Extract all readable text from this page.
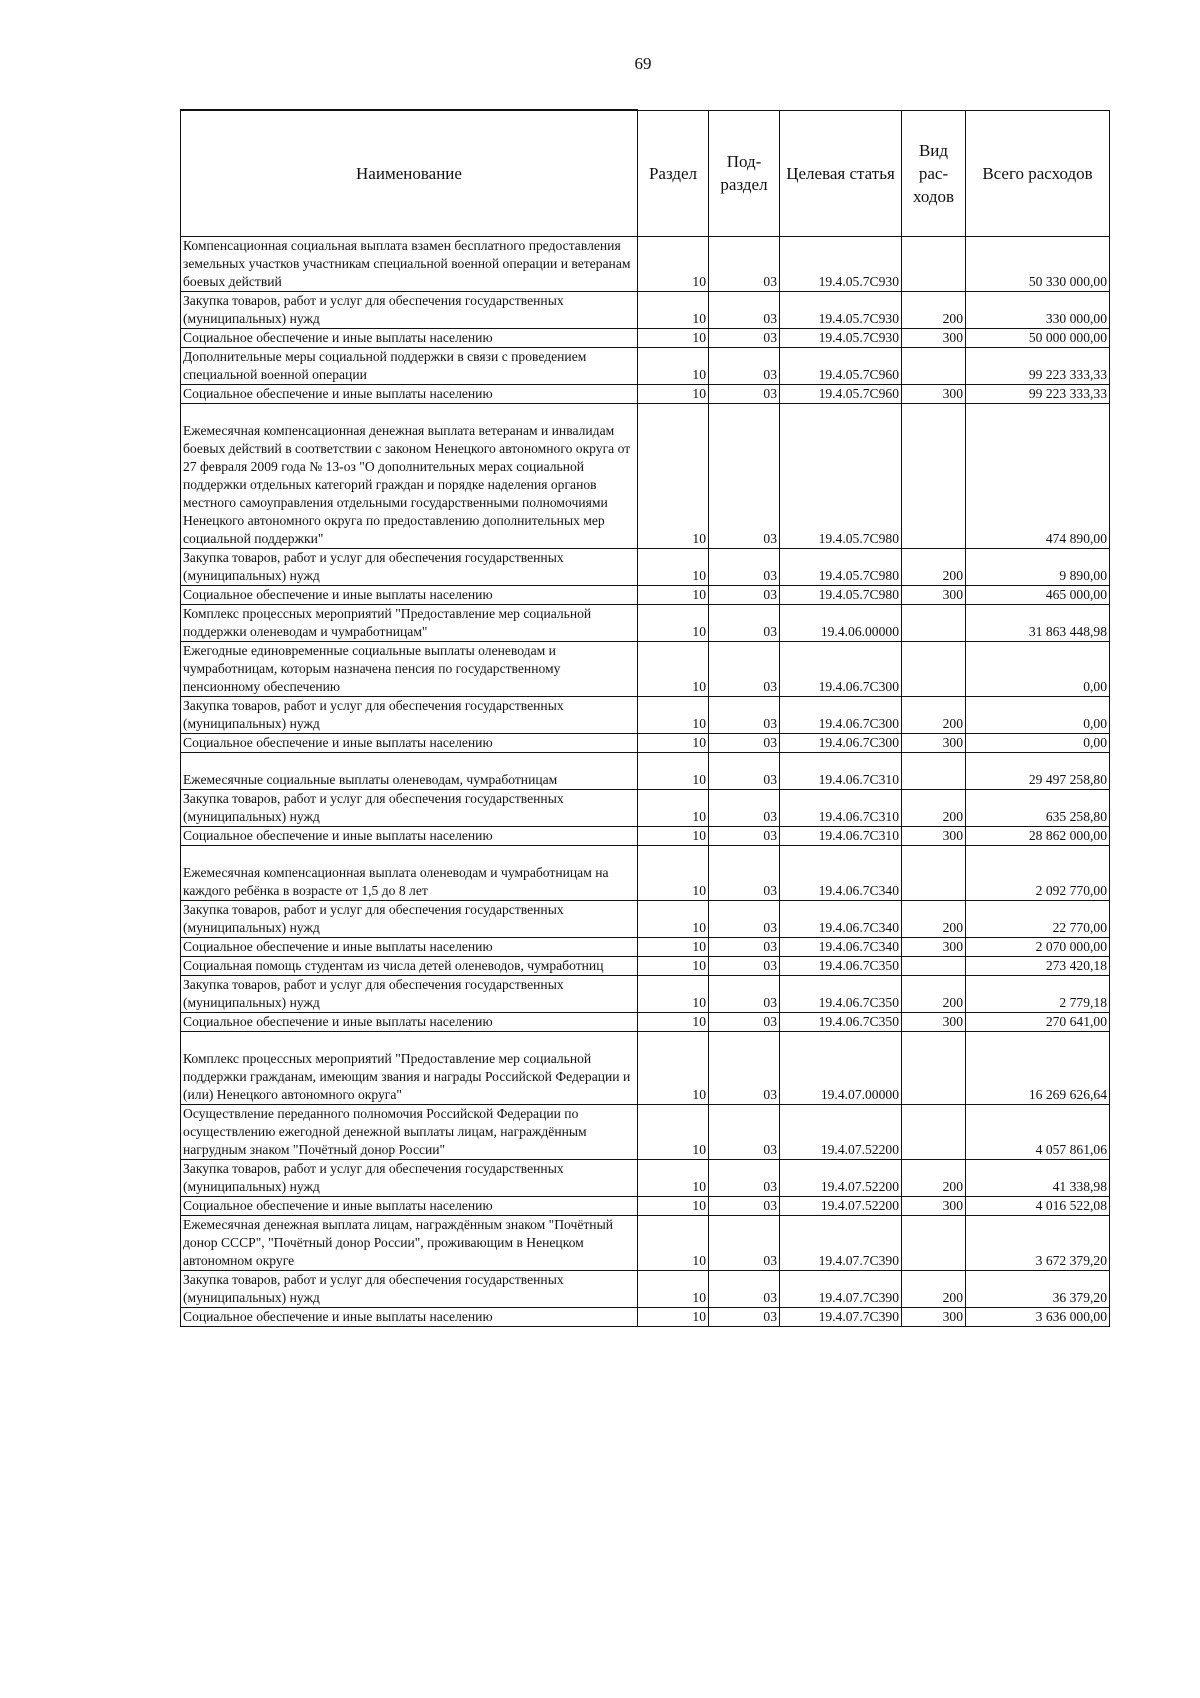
69
Наименование	Раздел	Под-раздел	Целевая статья	Вид рас-ходов	Всего расходов
Компенсационная социальная выплата взамен бесплатного предоставления земельных участков участникам специальной военной операции и ветеранам боевых действий	10	03	19.4.05.7С930		50 330 000,00
Закупка товаров, работ и услуг для обеспечения государственных (муниципальных) нужд	10	03	19.4.05.7С930	200	330 000,00
Социальное обеспечение и иные выплаты населению	10	03	19.4.05.7С930	300	50 000 000,00
Дополнительные меры социальной поддержки в связи с проведением специальной военной операции	10	03	19.4.05.7С960		99 223 333,33
Социальное обеспечение и иные выплаты населению	10	03	19.4.05.7С960	300	99 223 333,33
Ежемесячная компенсационная денежная выплата ветеранам и инвалидам боевых действий в соответствии с законом Ненецкого автономного округа от 27 февраля 2009 года № 13-оз "О дополнительных мерах социальной поддержки отдельных категорий граждан и порядке наделения органов местного самоуправления отдельными государственными полномочиями Ненецкого автономного округа по предоставлению дополнительных мер социальной поддержки"	10	03	19.4.05.7С980		474 890,00
Закупка товаров, работ и услуг для обеспечения государственных (муниципальных) нужд	10	03	19.4.05.7С980	200	9 890,00
Социальное обеспечение и иные выплаты населению	10	03	19.4.05.7С980	300	465 000,00
Комплекс процессных мероприятий "Предоставление мер социальной поддержки оленеводам и чумработницам"	10	03	19.4.06.00000		31 863 448,98
Ежегодные единовременные социальные выплаты оленеводам и чумработницам, которым назначена пенсия по государственному пенсионному обеспечению	10	03	19.4.06.7С300		0,00
Закупка товаров, работ и услуг для обеспечения государственных (муниципальных) нужд	10	03	19.4.06.7С300	200	0,00
Социальное обеспечение и иные выплаты населению	10	03	19.4.06.7С300	300	0,00
Ежемесячные социальные выплаты оленеводам, чумработницам	10	03	19.4.06.7С310		29 497 258,80
Закупка товаров, работ и услуг для обеспечения государственных (муниципальных) нужд	10	03	19.4.06.7С310	200	635 258,80
Социальное обеспечение и иные выплаты населению	10	03	19.4.06.7С310	300	28 862 000,00
Ежемесячная компенсационная выплата оленеводам и чумработницам на каждого ребёнка в возрасте от 1,5 до 8 лет	10	03	19.4.06.7С340		2 092 770,00
Закупка товаров, работ и услуг для обеспечения государственных (муниципальных) нужд	10	03	19.4.06.7С340	200	22 770,00
Социальное обеспечение и иные выплаты населению	10	03	19.4.06.7С340	300	2 070 000,00
Социальная помощь студентам из числа детей оленеводов, чумработниц	10	03	19.4.06.7С350		273 420,18
Закупка товаров, работ и услуг для обеспечения государственных (муниципальных) нужд	10	03	19.4.06.7С350	200	2 779,18
Социальное обеспечение и иные выплаты населению	10	03	19.4.06.7С350	300	270 641,00
Комплекс процессных мероприятий "Предоставление мер социальной поддержки гражданам, имеющим звания и награды Российской Федерации и (или) Ненецкого автономного округа"	10	03	19.4.07.00000		16 269 626,64
Осуществление переданного полномочия Российской Федерации по осуществлению ежегодной денежной выплаты лицам, награждённым нагрудным знаком "Почётный донор России"	10	03	19.4.07.52200		4 057 861,06
Закупка товаров, работ и услуг для обеспечения государственных (муниципальных) нужд	10	03	19.4.07.52200	200	41 338,98
Социальное обеспечение и иные выплаты населению	10	03	19.4.07.52200	300	4 016 522,08
Ежемесячная денежная выплата лицам, награждённым знаком "Почётный донор СССР", "Почётный донор России", проживающим в Ненецком автономном округе	10	03	19.4.07.7С390		3 672 379,20
Закупка товаров, работ и услуг для обеспечения государственных (муниципальных) нужд	10	03	19.4.07.7С390	200	36 379,20
Социальное обеспечение и иные выплаты населению	10	03	19.4.07.7С390	300	3 636 000,00
